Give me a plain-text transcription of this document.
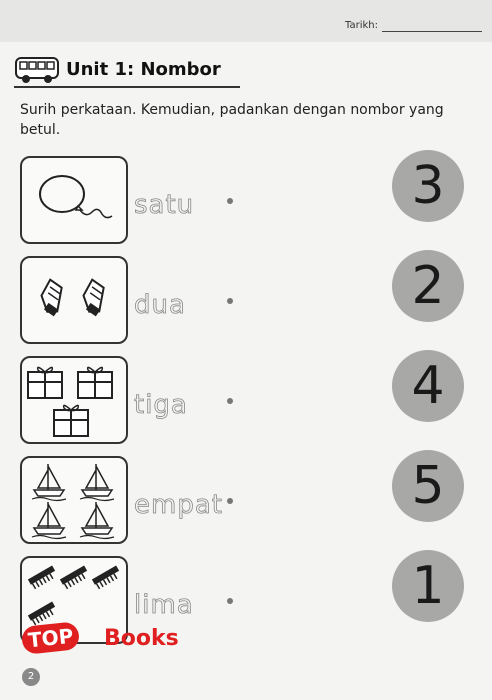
Tarikh:
Unit 1: Nombor
Surih perkataan. Kemudian, padankan dengan nombor yang betul.
satu	3
dua	2
tiga	4
empat	5
lima	1
TOP Books
2
